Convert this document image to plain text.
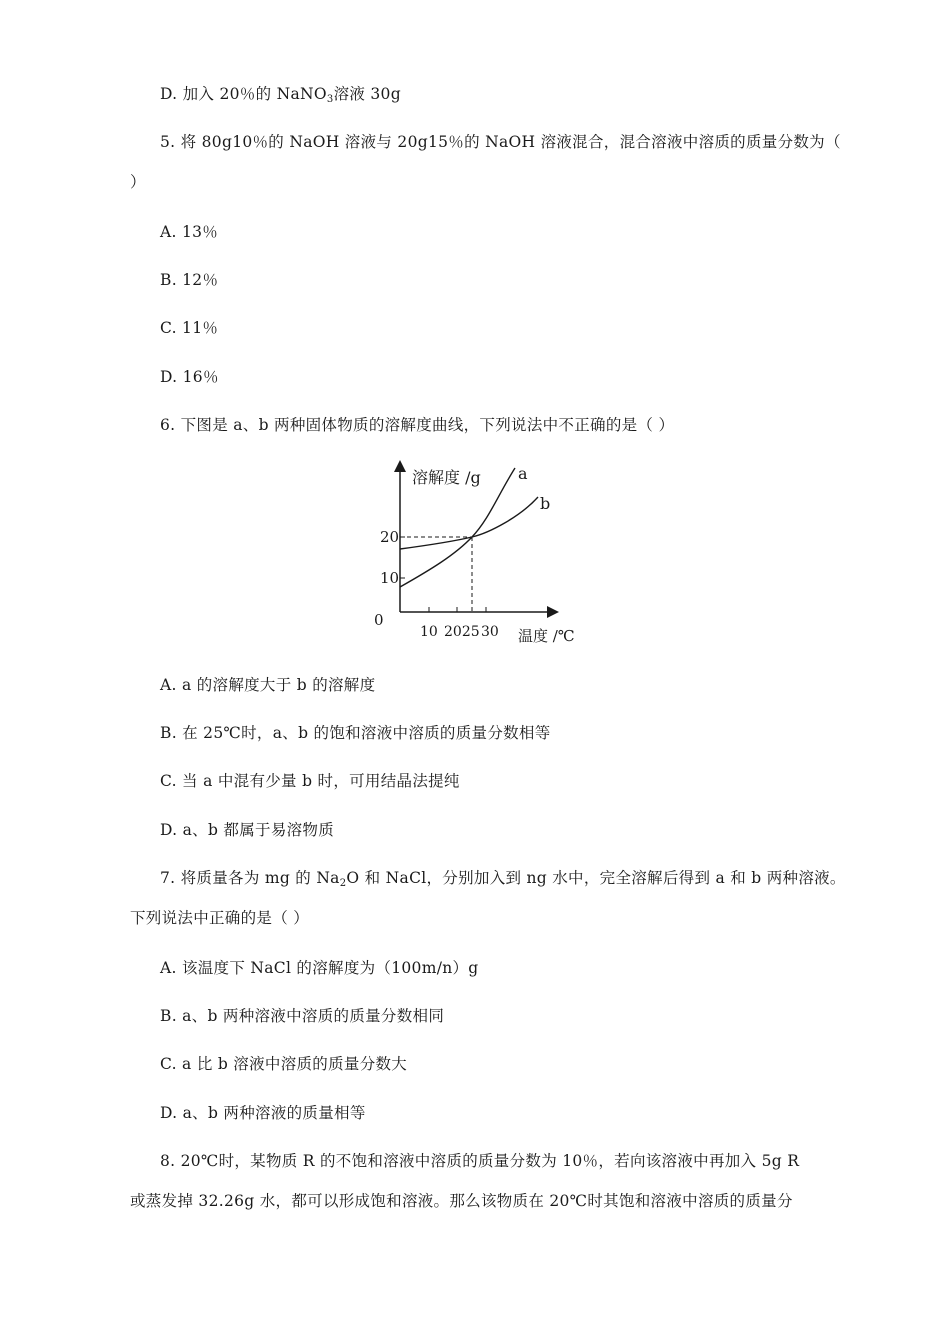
D. 加入 20％的 NaNO$_3$溶液 30g
5. 将 80g10％的 NaOH 溶液与 20g15％的 NaOH 溶液混合，混合溶液中溶质的质量分数为（
）
A. 13％
B. 12％
C. 11％
D. 16％
6. 下图是 a、b 两种固体物质的溶解度曲线，下列说法中不正确的是（ ）
溶解度 /g
温度 /℃
0
20
10
10 2025 30
a
b
A. a 的溶解度大于 b 的溶解度
B. 在 25℃时，a、b 的饱和溶液中溶质的质量分数相等
C. 当 a 中混有少量 b 时，可用结晶法提纯
D. a、b 都属于易溶物质
7. 将质量各为 mg 的 $Na_2O$ 和 NaCl，分别加入到 ng 水中，完全溶解后得到 a 和 b 两种溶液。
下列说法中正确的是（ ）
A. 该温度下 NaCl 的溶解度为（100m/n）g
B. a、b 两种溶液中溶质的质量分数相同
C. a 比 b 溶液中溶质的质量分数大
D. a、b 两种溶液的质量相等
8. 20℃时，某物质 R 的不饱和溶液中溶质的质量分数为 10％，若向该溶液中再加入 5g R
或蒸发掉 32.26g 水，都可以形成饱和溶液。那么该物质在 20℃时其饱和溶液中溶质的质量分
